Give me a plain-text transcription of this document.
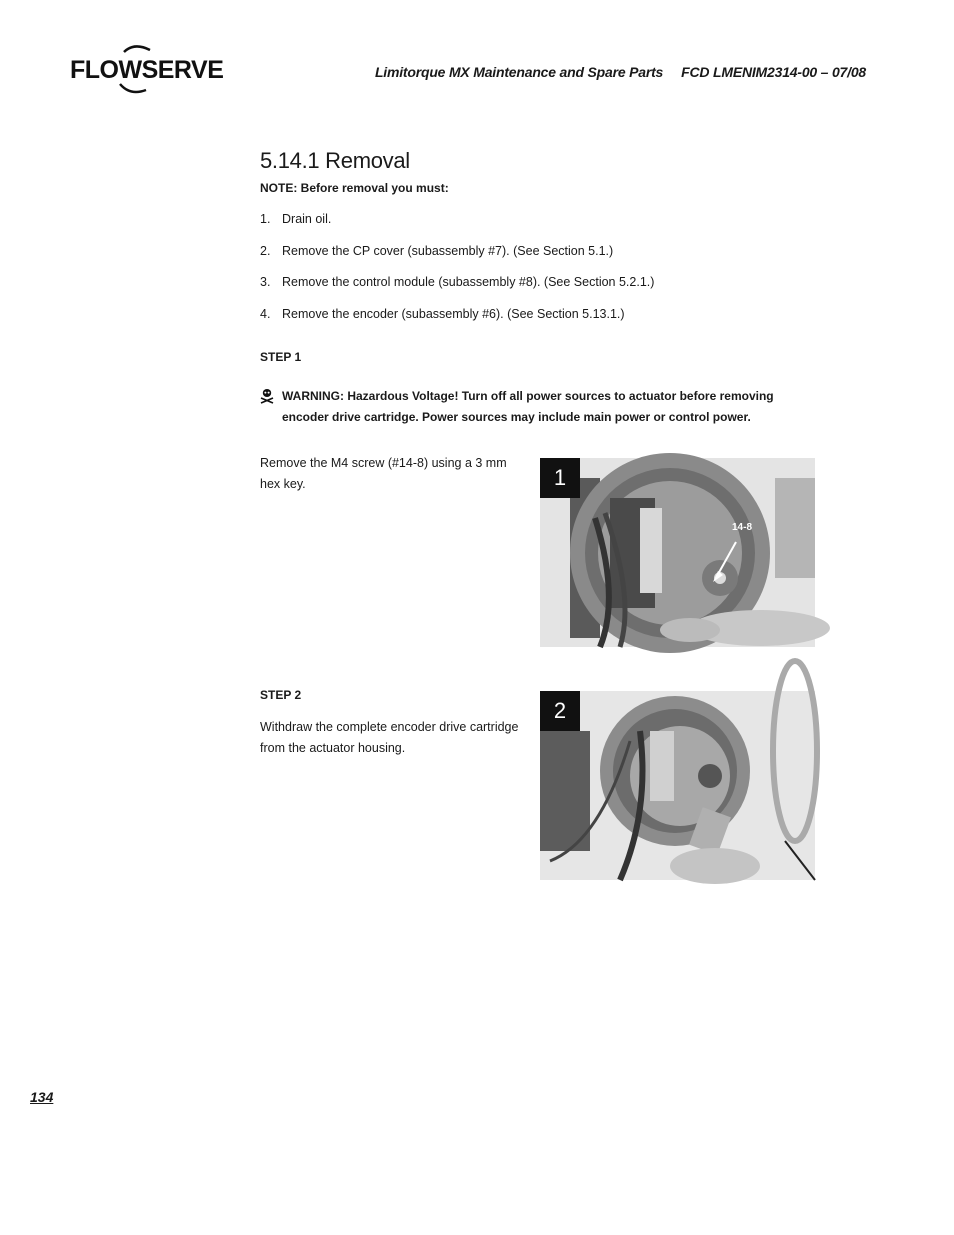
FLOWSERVE	Limitorque MX Maintenance and Spare Parts FCD LMENIM2314-00 – 07/08
5.14.1 Removal
NOTE: Before removal you must:
1. Drain oil.
2. Remove the CP cover (subassembly #7). (See Section 5.1.)
3. Remove the control module (subassembly #8). (See Section 5.2.1.)
4. Remove the encoder (subassembly #6). (See Section 5.13.1.)
STEP 1
WARNING: Hazardous Voltage! Turn off all power sources to actuator before removing encoder drive cartridge. Power sources may include main power or control power.
Remove the M4 screw (#14-8) using a 3 mm hex key.	1
14-8
STEP 2
Withdraw the complete encoder drive cartridge from the actuator housing.
2
134
